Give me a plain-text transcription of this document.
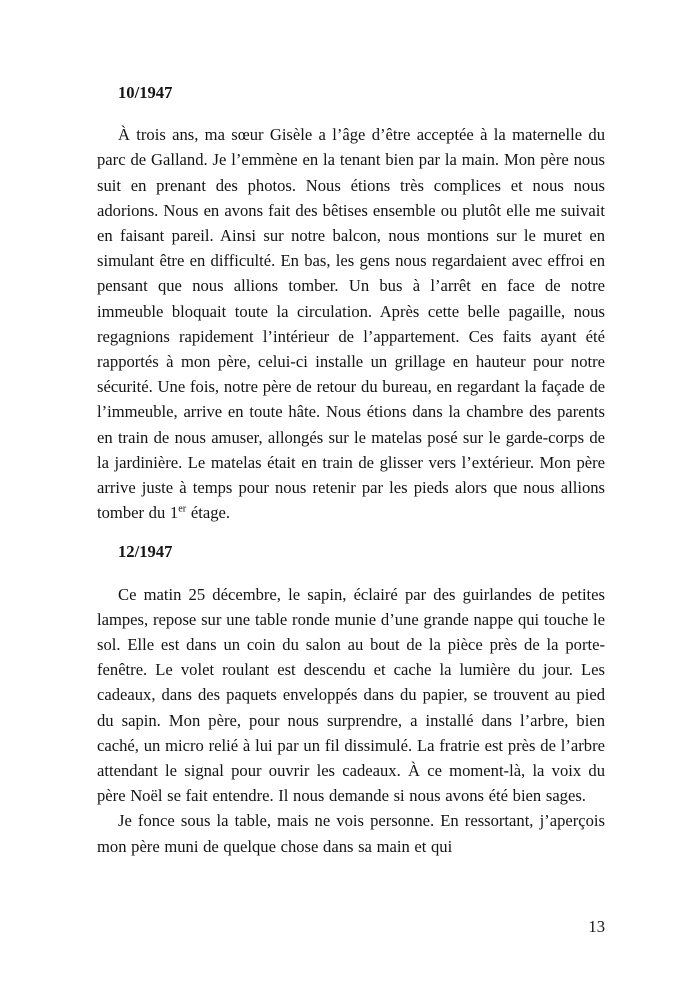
10/1947

À trois ans, ma sœur Gisèle a l’âge d’être acceptée à la maternelle du parc de Galland. Je l’emmène en la tenant bien par la main. Mon père nous suit en prenant des photos. Nous étions très complices et nous nous adorions. Nous en avons fait des bêtises ensemble ou plutôt elle me suivait en faisant pareil. Ainsi sur notre balcon, nous montions sur le muret en simulant être en difficulté. En bas, les gens nous regardaient avec effroi en pensant que nous allions tomber. Un bus à l’arrêt en face de notre immeuble bloquait toute la circulation. Après cette belle pagaille, nous regagnions rapidement l’intérieur de l’appartement. Ces faits ayant été rapportés à mon père, celui-ci installe un grillage en hauteur pour notre sécurité. Une fois, notre père de retour du bureau, en regardant la façade de l’immeuble, arrive en toute hâte. Nous étions dans la chambre des parents en train de nous amuser, allongés sur le matelas posé sur le garde-corps de la jardinière. Le matelas était en train de glisser vers l’extérieur. Mon père arrive juste à temps pour nous retenir par les pieds alors que nous allions tomber du 1er étage.

12/1947

Ce matin 25 décembre, le sapin, éclairé par des guirlandes de petites lampes, repose sur une table ronde munie d’une grande nappe qui touche le sol. Elle est dans un coin du salon au bout de la pièce près de la porte-fenêtre. Le volet roulant est descendu et cache la lumière du jour. Les cadeaux, dans des paquets enveloppés dans du papier, se trouvent au pied du sapin. Mon père, pour nous surprendre, a installé dans l’arbre, bien caché, un micro relié à lui par un fil dissimulé. La fratrie est près de l’arbre attendant le signal pour ouvrir les cadeaux. À ce moment-là, la voix du père Noël se fait entendre. Il nous demande si nous avons été bien sages.

Je fonce sous la table, mais ne vois personne. En ressortant, j’aperçois mon père muni de quelque chose dans sa main et qui

13
